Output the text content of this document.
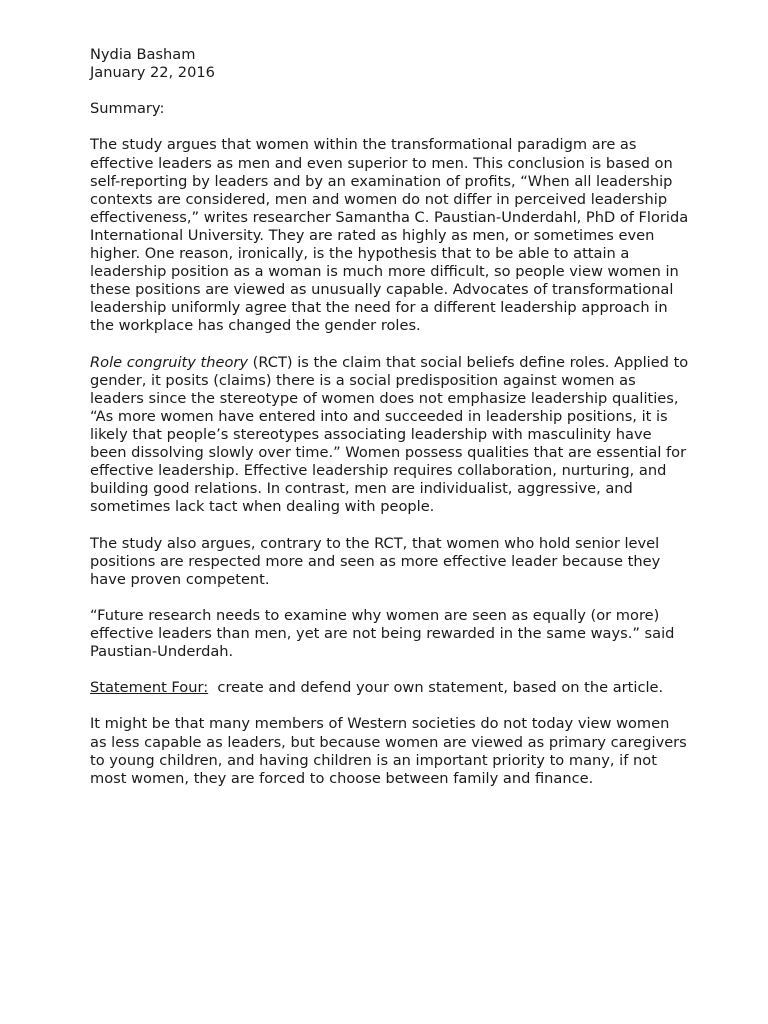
Nydia Basham
January 22, 2016

Summary:

The study argues that women within the transformational paradigm are as effective leaders as men and even superior to men. This conclusion is based on self-reporting by leaders and by an examination of profits, “When all leadership contexts are considered, men and women do not differ in perceived leadership effectiveness,” writes researcher Samantha C. Paustian-Underdahl, PhD of Florida International University. They are rated as highly as men, or sometimes even higher. One reason, ironically, is the hypothesis that to be able to attain a leadership position as a woman is much more difficult, so people view women in these positions are viewed as unusually capable. Advocates of transformational leadership uniformly agree that the need for a different leadership approach in the workplace has changed the gender roles.

Role congruity theory (RCT) is the claim that social beliefs define roles. Applied to gender, it posits (claims) there is a social predisposition against women as leaders since the stereotype of women does not emphasize leadership qualities, “As more women have entered into and succeeded in leadership positions, it is likely that people’s stereotypes associating leadership with masculinity have been dissolving slowly over time.” Women possess qualities that are essential for effective leadership. Effective leadership requires collaboration, nurturing, and building good relations. In contrast, men are individualist, aggressive, and sometimes lack tact when dealing with people.

The study also argues, contrary to the RCT, that women who hold senior level positions are respected more and seen as more effective leader because they have proven competent.

“Future research needs to examine why women are seen as equally (or more) effective leaders than men, yet are not being rewarded in the same ways.” said Paustian-Underdah.

Statement Four:  create and defend your own statement, based on the article.

It might be that many members of Western societies do not today view women as less capable as leaders, but because women are viewed as primary caregivers to young children, and having children is an important priority to many, if not most women, they are forced to choose between family and finance.
